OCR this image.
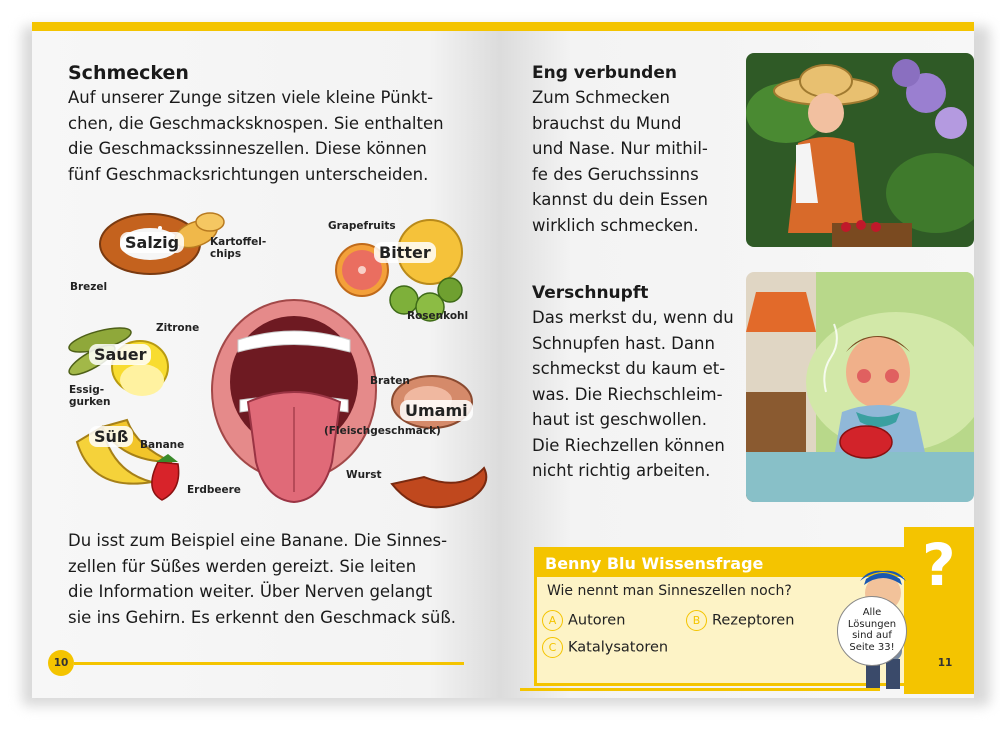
Schmecken
Auf unserer Zunge sitzen viele kleine Pünkt-
chen, die Geschmacksknospen. Sie enthalten
die Geschmackssinneszellen. Diese können
fünf Geschmacksrichtungen unterscheiden.
Salzig
Bitter
Sauer
Süß
Umami
(Fleischgeschmack)
Kartoffel-
chips
Brezel
Grapefruits
Rosenkohl
Zitrone
Essig-
gurken
Banane
Erdbeere
Braten
Wurst
Du isst zum Beispiel eine Banane. Die Sinnes-
zellen für Süßes werden gereizt. Sie leiten
die Information weiter. Über Nerven gelangt
sie ins Gehirn. Es erkennt den Geschmack süß.
10
Eng verbunden
Zum Schmecken
brauchst du Mund
und Nase. Nur mithil-
fe des Geruchssinns
kannst du dein Essen
wirklich schmecken.
Verschnupft
Das merkst du, wenn du
Schnupfen hast. Dann
schmeckst du kaum et-
was. Die Riechschleim-
haut ist geschwollen.
Die Riechzellen können
nicht richtig arbeiten.
Benny Blu Wissensfrage
Wie nennt man Sinneszellen noch?
A Autoren	B Rezeptoren
C Katalysatoren
?
Alle
Lösungen
sind auf
Seite 33!
11
